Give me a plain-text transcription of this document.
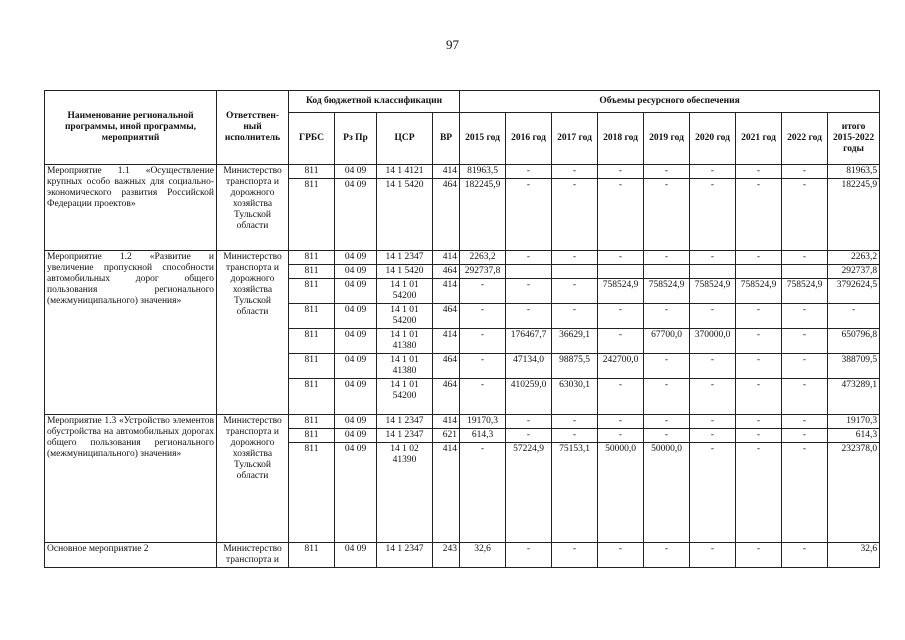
97
Наименование региональной программы, иной программы, мероприятий	Ответствен-ный исполнитель	Код бюджетной классификации				Объемы ресурсного обеспечения								
		ГРБС	Рз Пр	ЦСР	ВР	2015 год	2016 год	2017 год	2018 год	2019 год	2020 год	2021 год	2022 год	итого 2015-2022 годы
Мероприятие 1.1 «Осуществление крупных особо важных для социально-экономического развития Российской Федерации проектов»	Министерство транспорта и дорожного хозяйства Тульской области	811	04 09	14 1 4121	414	81963,5	-	-	-	-	-	-	-	81963,5
		811	04 09	14 1 5420	464	182245,9	-	-	-	-	-	-	-	182245,9
Мероприятие 1.2 «Развитие и увеличение пропускной способности автомобильных дорог общего пользования регионального (межмуниципального) значения»	Министерство транспорта и дорожного хозяйства Тульской области	811	04 09	14 1 2347	414	2263,2	-	-	-	-	-	-	-	2263,2
		811	04 09	14 1 5420	464	292737,8								292737,8
		811	04 09	14 1 01 54200	414	-	-	-	758524,9	758524,9	758524,9	758524,9	758524,9	3792624,5
		811	04 09	14 1 01 54200	464	-	-	-	-	-	-	-	-	-
		811	04 09	14 1 01 41380	414	-	176467,7	36629,1	-	67700,0	370000,0	-	-	650796,8
		811	04 09	14 1 01 41380	464	-	47134,0	98875,5	242700,0	-	-	-	-	388709,5
		811	04 09	14 1 01 54200	464	-	410259,0	63030,1	-	-	-	-	-	473289,1
Мероприятие 1.3 «Устройство элементов обустройства на автомобильных дорогах общего пользования регионального (межмуниципального) значения»	Министерство транспорта и дорожного хозяйства Тульской области	811	04 09	14 1 2347	414	19170,3	-	-	-	-	-	-	-	19170,3
		811	04 09	14 1 2347	621	614,3	-	-	-	-	-	-	-	614,3
		811	04 09	14 1 02 41390	414	-	57224,9	75153,1	50000,0	50000,0	-	-	-	232378,0
Основное мероприятие 2	Министерство транспорта и	811	04 09	14 1 2347	243	32,6	-	-	-	-	-	-	-	32,6
